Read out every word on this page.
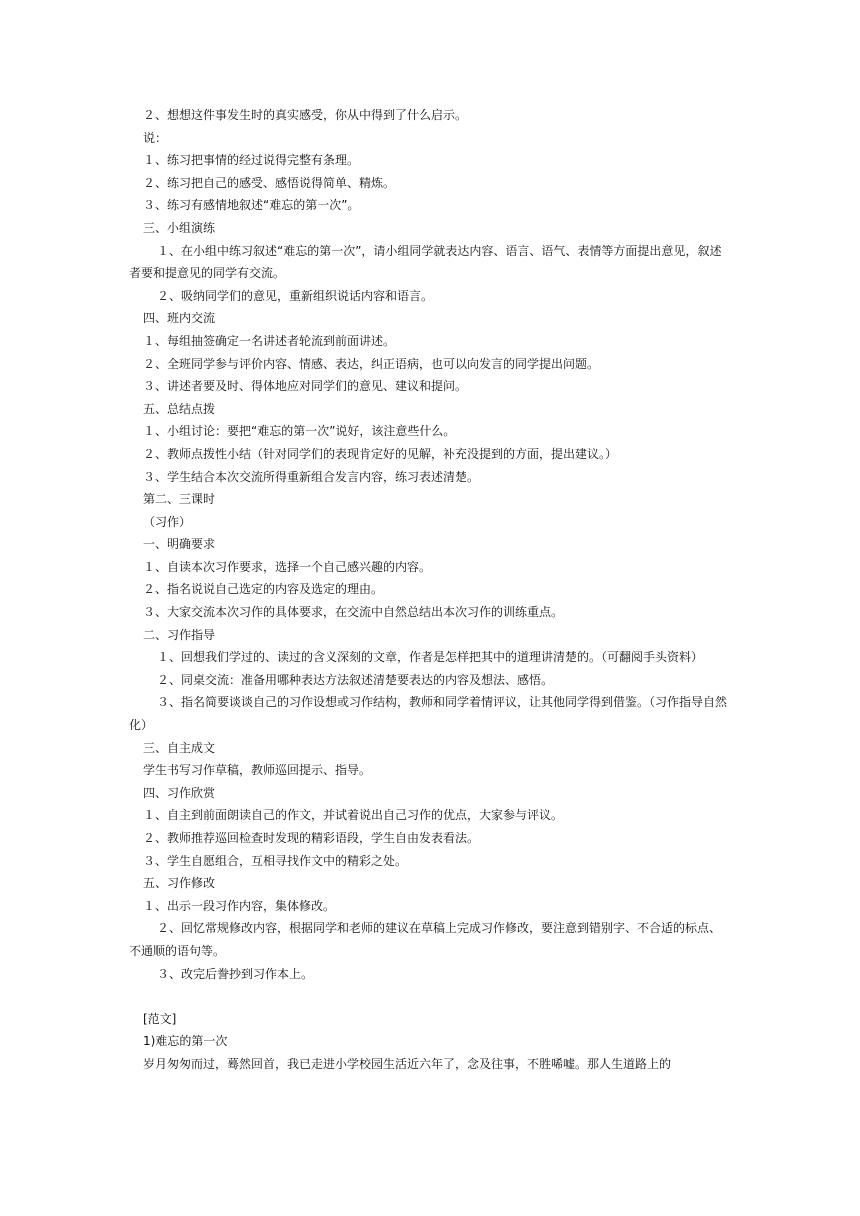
２、想想这件事发生时的真实感受，你从中得到了什么启示。
说：
１、练习把事情的经过说得完整有条理。
２、练习把自己的感受、感悟说得简单、精炼。
３、练习有感情地叙述“难忘的第一次”。
三、小组演练
１、在小组中练习叙述“难忘的第一次”，请小组同学就表达内容、语言、语气、表情等方面提出意见，叙述者要和提意见的同学有交流。
２、吸纳同学们的意见，重新组织说话内容和语言。
四、班内交流
１、每组抽签确定一名讲述者轮流到前面讲述。
２、全班同学参与评价内容、情感、表达，纠正语病，也可以向发言的同学提出问题。
３、讲述者要及时、得体地应对同学们的意见、建议和提问。
五、总结点拨
１、小组讨论：要把“难忘的第一次”说好，该注意些什么。
２、教师点拨性小结（针对同学们的表现肯定好的见解，补充没提到的方面，提出建议。）
３、学生结合本次交流所得重新组合发言内容，练习表述清楚。
第二、三课时
（习作）
一、明确要求
１、自读本次习作要求，选择一个自己感兴趣的内容。
２、指名说说自己选定的内容及选定的理由。
３、大家交流本次习作的具体要求，在交流中自然总结出本次习作的训练重点。
二、习作指导
１、回想我们学过的、读过的含义深刻的文章，作者是怎样把其中的道理讲清楚的。（可翻阅手头资料）
２、同桌交流：准备用哪种表达方法叙述清楚要表达的内容及想法、感悟。
３、指名简要谈谈自己的习作设想或习作结构，教师和同学着情评议，让其他同学得到借鉴。（习作指导自然化）
三、自主成文
学生书写习作草稿，教师巡回提示、指导。
四、习作欣赏
１、自主到前面朗读自己的作文，并试着说出自己习作的优点，大家参与评议。
２、教师推荐巡回检查时发现的精彩语段，学生自由发表看法。
３、学生自愿组合，互相寻找作文中的精彩之处。
五、习作修改
１、出示一段习作内容，集体修改。
２、回忆常规修改内容，根据同学和老师的建议在草稿上完成习作修改，要注意到错别字、不合适的标点、不通顺的语句等。
３、改完后誊抄到习作本上。
[范文]
1)难忘的第一次
岁月匆匆而过，蓦然回首，我已走进小学校园生活近六年了，念及往事，不胜唏嘘。那人生道路上的
